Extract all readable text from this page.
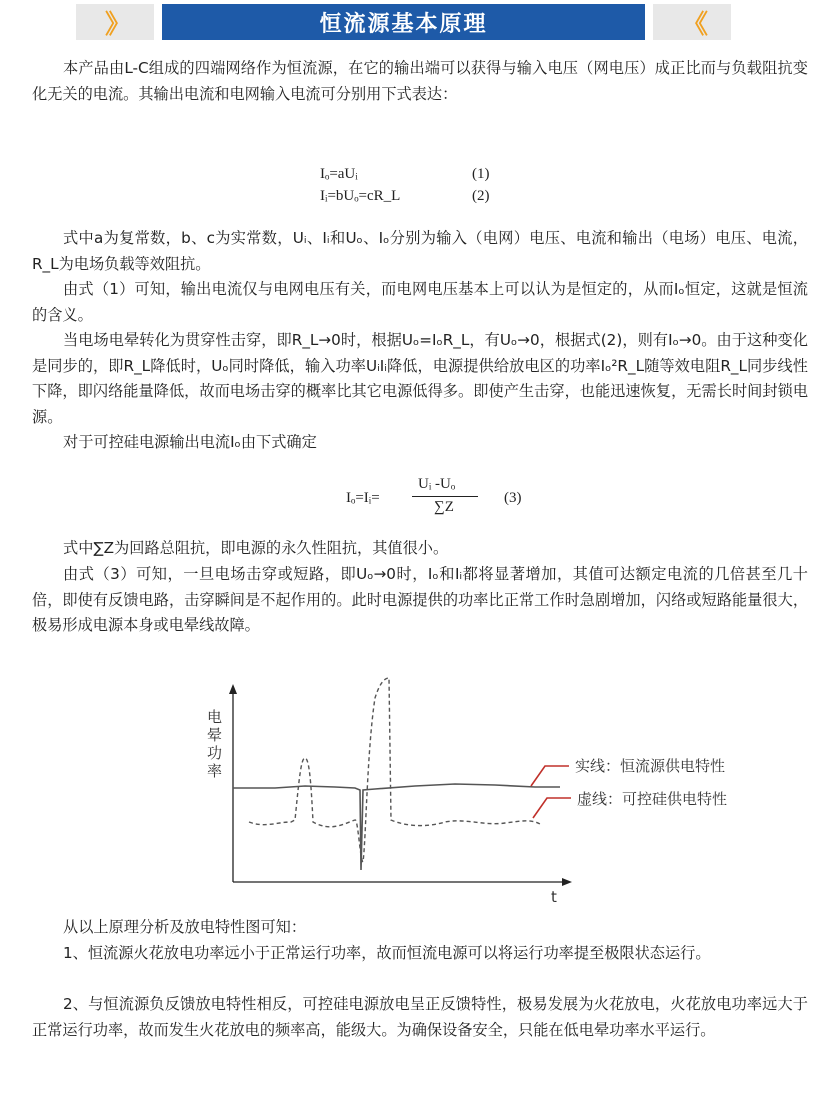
》	恒流源基本原理	《

本产品由L-C组成的四端网络作为恒流源，在它的输出端可以获得与输入电压（网电压）成正比而与负载阻抗变化无关的电流。其输出电流和电网输入电流可分别用下式表达：

Iₒ=aUᵢ	(1)
Iᵢ=bUₒ=cR_L	(2)

式中a为复常数，b、c为实常数，Uᵢ、Iᵢ和Uₒ、Iₒ分别为输入（电网）电压、电流和输出（电场）电压、电流，R_L为电场负载等效阻抗。

由式（1）可知，输出电流仅与电网电压有关，而电网电压基本上可以认为是恒定的，从而Iₒ恒定，这就是恒流的含义。

当电场电晕转化为贯穿性击穿，即R_L→0时，根据Uₒ=IₒR_L，有Uₒ→0，根据式(2)，则有Iₒ→0。由于这种变化是同步的，即R_L降低时，Uₒ同时降低，输入功率UᵢIᵢ降低，电源提供给放电区的功率Iₒ²R_L随等效电阻R_L同步线性下降，即闪络能量降低，故而电场击穿的概率比其它电源低得多。即使产生击穿，也能迅速恢复，无需长时间封锁电源。

对于可控硅电源输出电流Iₒ由下式确定

Iₒ=Iᵢ=
Uᵢ -Uₒ
∑Z
(3)

式中∑Z为回路总阻抗，即电源的永久性阻抗，其值很小。

由式（3）可知，一旦电场击穿或短路，即Uₒ→0时，Iₒ和Iᵢ都将显著增加，其值可达额定电流的几倍甚至几十倍，即使有反馈电路，击穿瞬间是不起作用的。此时电源提供的功率比正常工作时急剧增加，闪络或短路能量很大，极易形成电源本身或电晕线故障。

电
晕
功
率
t
实线：恒流源供电特性
虚线：可控硅供电特性

从以上原理分析及放电特性图可知：

1、恒流源火花放电功率远小于正常运行功率，故而恒流电源可以将运行功率提至极限状态运行。

2、与恒流源负反馈放电特性相反，可控硅电源放电呈正反馈特性，极易发展为火花放电，火花放电功率远大于正常运行功率，故而发生火花放电的频率高，能级大。为确保设备安全，只能在低电晕功率水平运行。
